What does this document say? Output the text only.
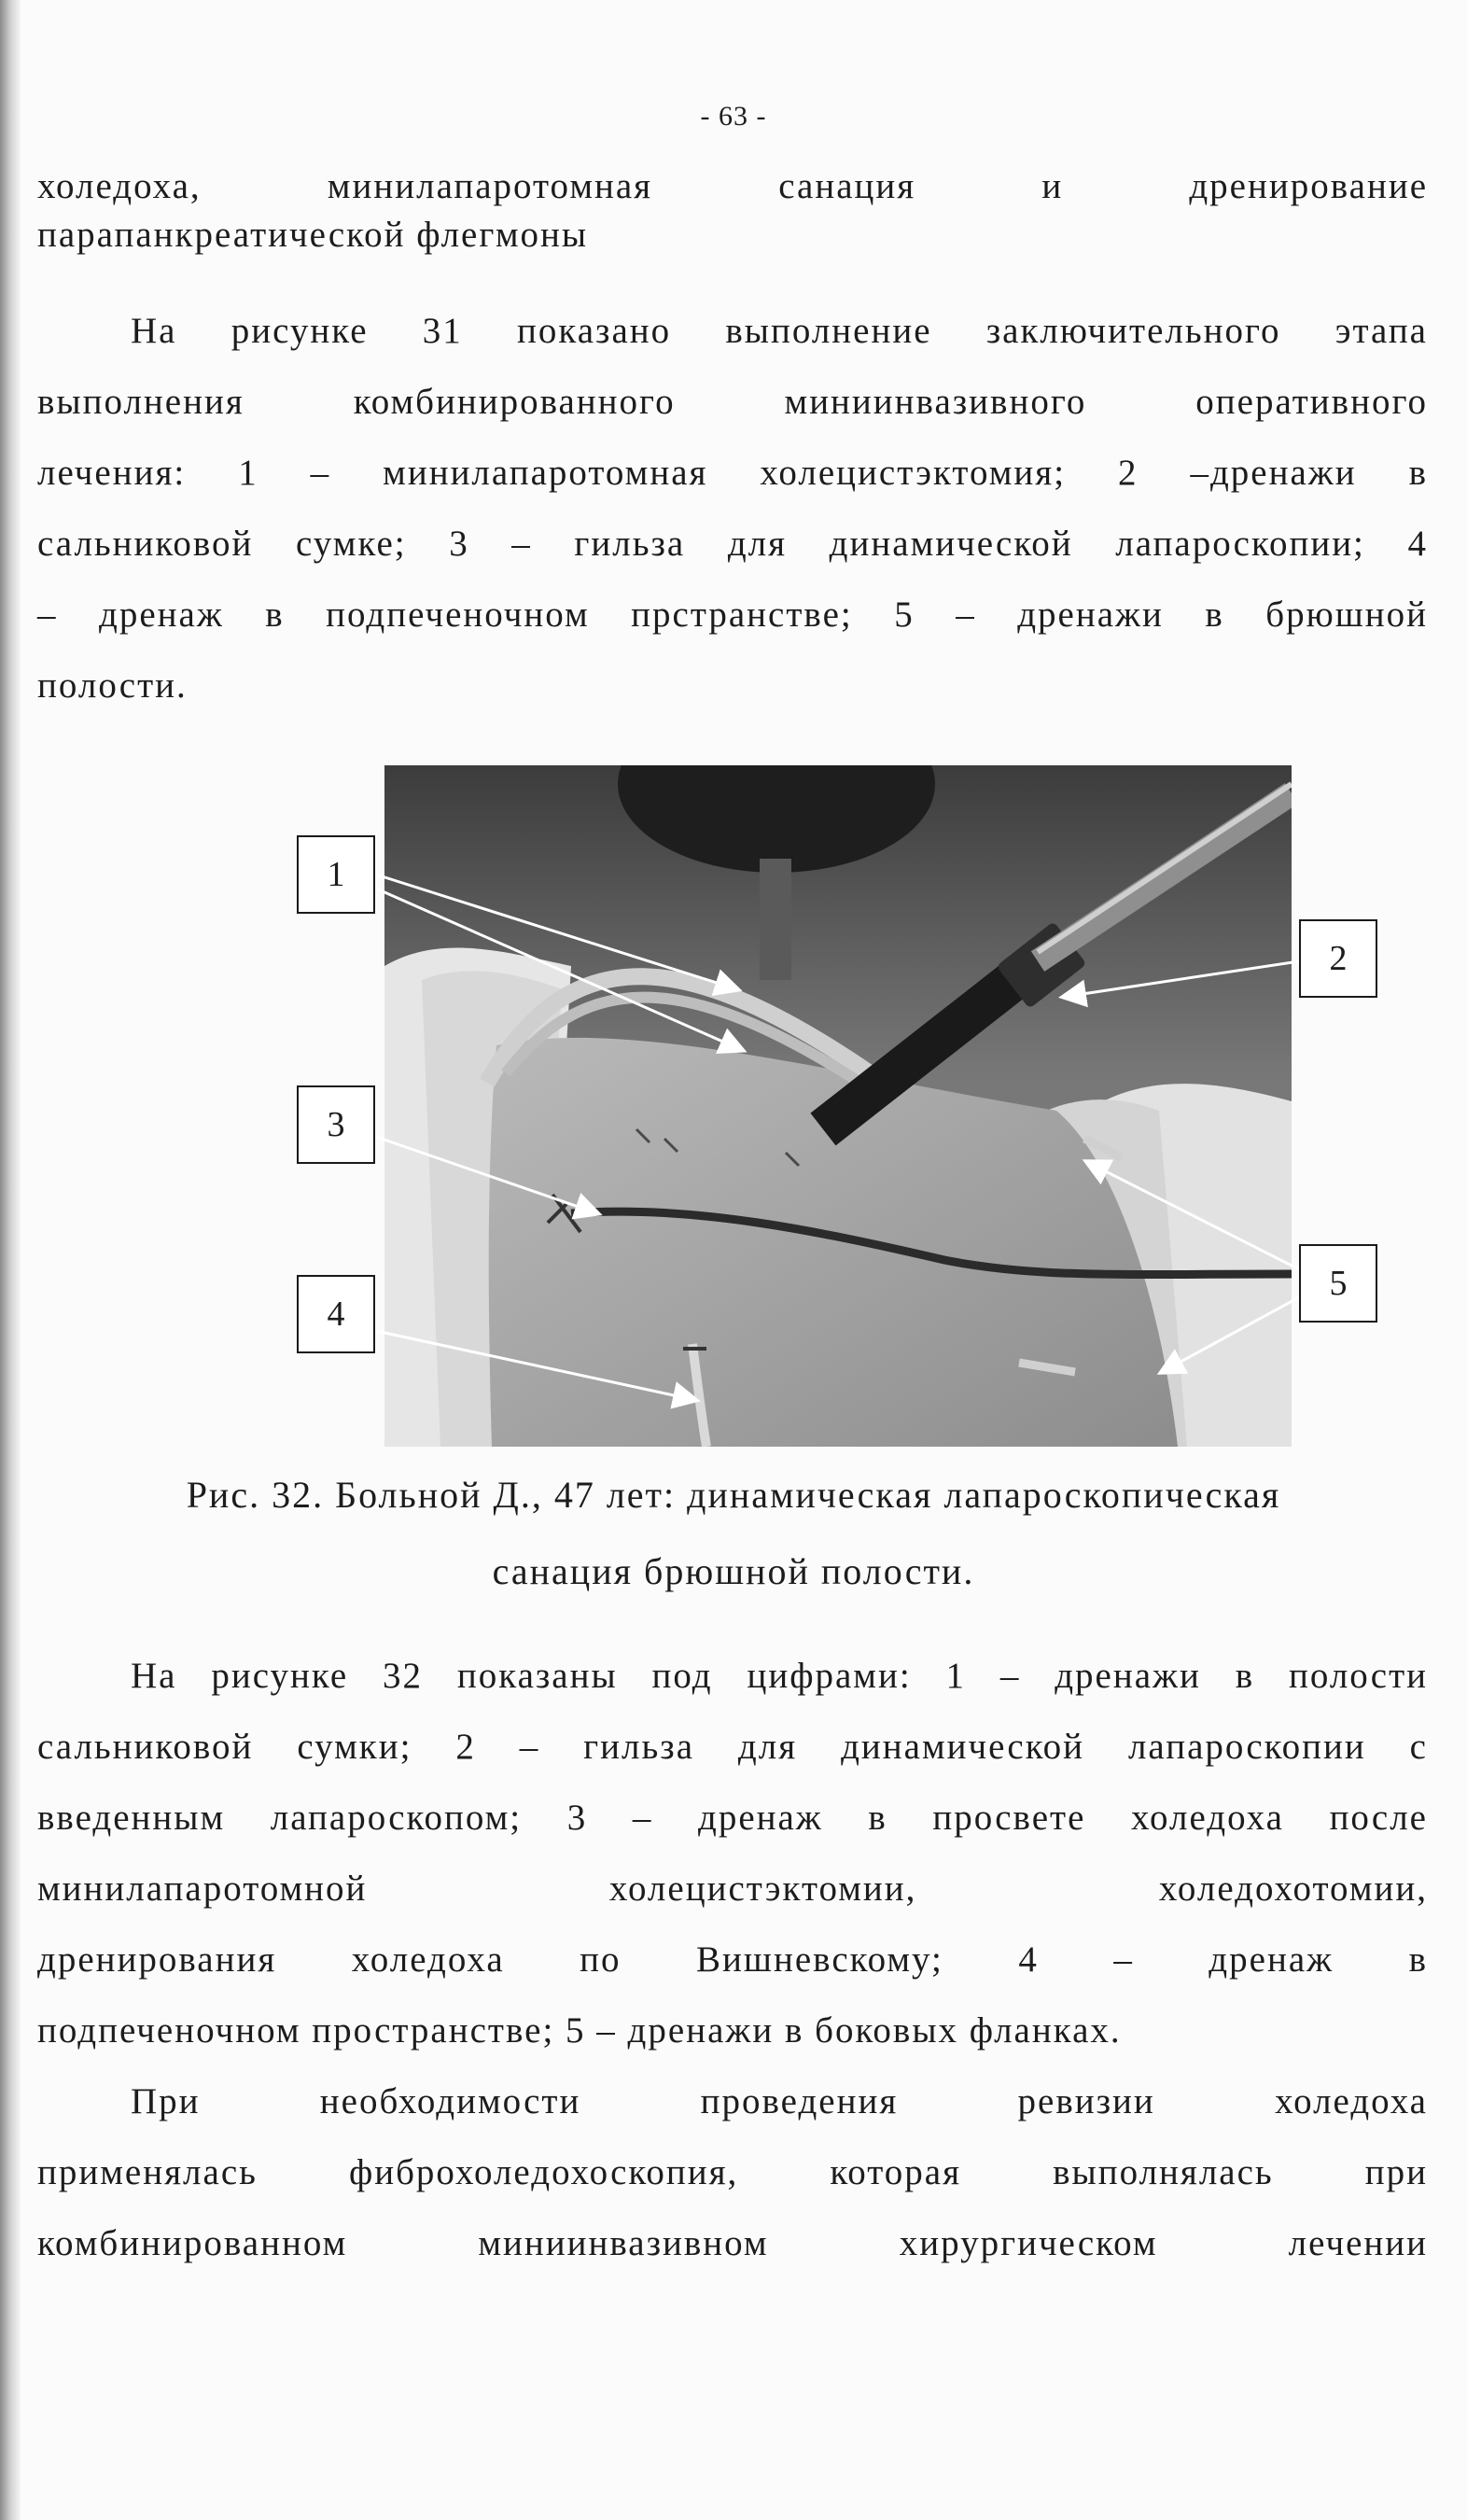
- 63 -
холедоха, минилапаротомная санация и дренирование
парапанкреатической флегмоны
На рисунке 31 показано выполнение заключительного этапа
выполнения комбинированного миниинвазивного оперативного
лечения: 1 – минилапаротомная холецистэктомия; 2 –дренажи в
сальниковой сумке; 3 – гильза для динамической лапароскопии; 4
– дренаж в подпеченочном прстранстве; 5 – дренажи в брюшной
полости.
1
2
3
4
5
Рис. 32. Больной Д., 47 лет: динамическая лапароскопическая
санация брюшной полости.
На рисунке 32 показаны под цифрами: 1 – дренажи в полости
сальниковой сумки; 2 – гильза для динамической лапароскопии с
введенным лапароскопом; 3 – дренаж в просвете холедоха после
минилапаротомной холецистэктомии, холедохотомии,
дренирования холедоха по Вишневскому; 4 – дренаж в
подпеченочном пространстве; 5 – дренажи в боковых фланках.
При необходимости проведения ревизии холедоха
применялась фиброхоледохоскопия, которая выполнялась при
комбинированном миниинвазивном хирургическом лечении
